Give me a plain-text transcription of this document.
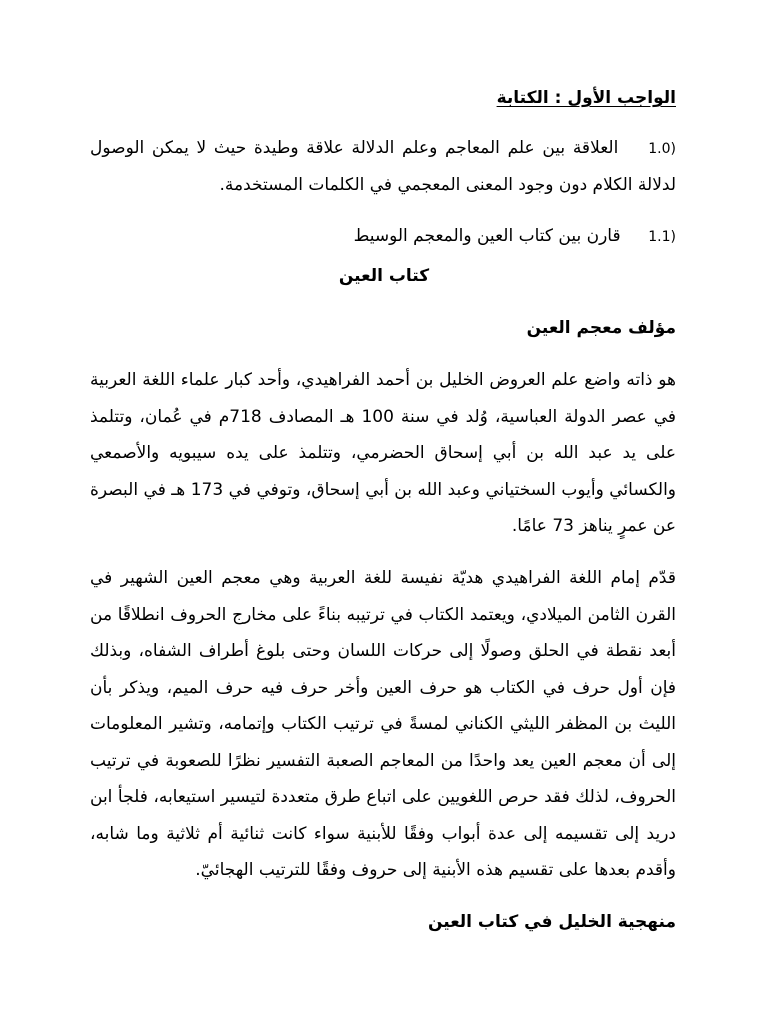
الواجب الأول : الكتابة
1.0) العلاقة بين علم المعاجم وعلم الدلالة علاقة وطيدة حيث لا يمكن الوصول لدلالة الكلام دون وجود المعنى المعجمي في الكلمات المستخدمة.
1.1) قارن بين كتاب العين والمعجم الوسيط
كتاب العين
مؤلف معجم العين
هو ذاته واضع علم العروض الخليل بن أحمد الفراهيدي، وأحد كبار علماء اللغة العربية في عصر الدولة العباسية، وُلد في سنة 100 هـ المصادف 718م في عُمان، وتتلمذ على يد عبد الله بن أبي إسحاق الحضرمي، وتتلمذ على يده سيبويه والأصمعي والكسائي وأيوب السختياني وعبد الله بن أبي إسحاق، وتوفي في 173 هـ في البصرة عن عمرٍ يناهز 73 عامًا.
قدّم إمام اللغة الفراهيدي هديّة نفيسة للغة العربية وهي معجم العين الشهير في القرن الثامن الميلادي، ويعتمد الكتاب في ترتيبه بناءً على مخارج الحروف انطلاقًا من أبعد نقطة في الحلق وصولًا إلى حركات اللسان وحتى بلوغ أطراف الشفاه، وبذلك فإن أول حرف في الكتاب هو حرف العين وأخر حرف فيه حرف الميم، ويذكر بأن الليث بن المظفر الليثي الكناني لمسةً في ترتيب الكتاب وإتمامه، وتشير المعلومات إلى أن معجم العين يعد واحدًا من المعاجم الصعبة التفسير نظرًا للصعوبة في ترتيب الحروف، لذلك فقد حرص اللغويين على اتباع طرق متعددة لتيسير استيعابه، فلجأ ابن دريد إلى تقسيمه إلى عدة أبواب وفقًا للأبنية سواء كانت ثنائية أم ثلاثية وما شابه، وأقدم بعدها على تقسيم هذه الأبنية إلى حروف وفقًا للترتيب الهجائيّ.
منهجية الخليل في كتاب العين
